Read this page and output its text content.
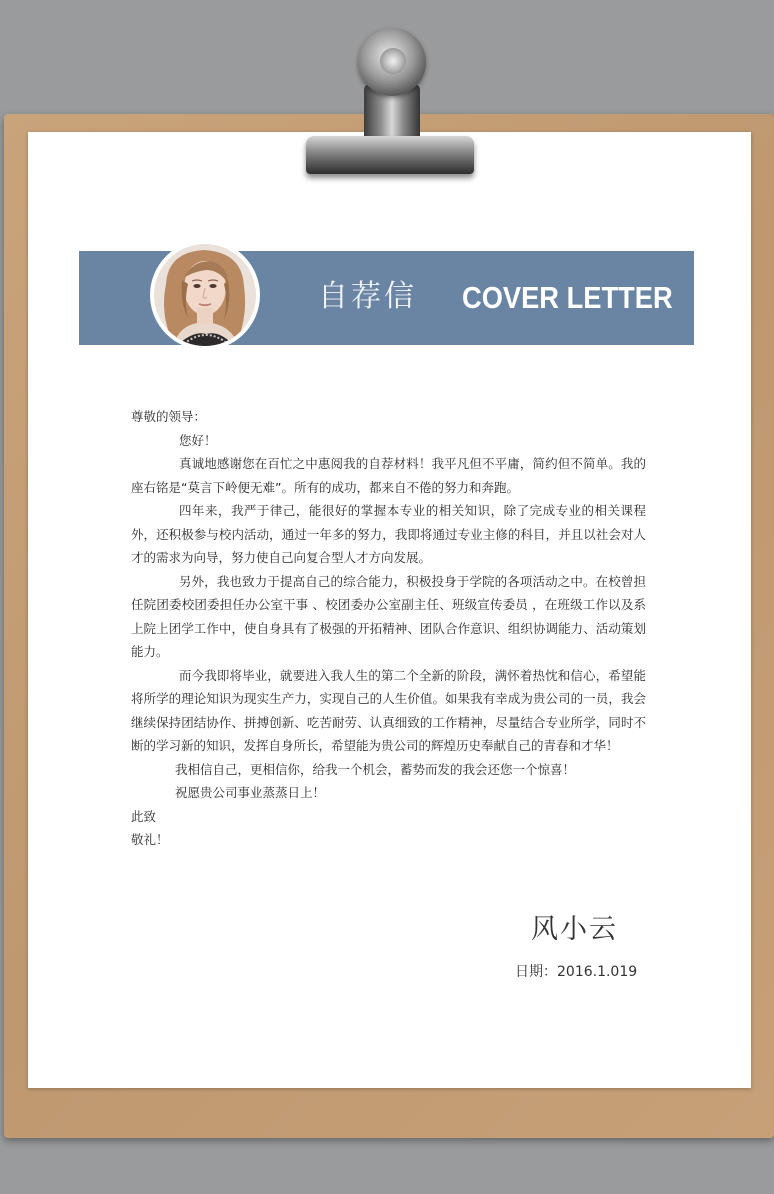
自荐信 COVER LETTER
尊敬的领导：
您好！

真诚地感谢您在百忙之中惠阅我的自荐材料！我平凡但不平庸，简约但不简单。我的座右铭是“莫言下岭便无难”。所有的成功，都来自不倦的努力和奔跑。

四年来，我严于律己，能很好的掌握本专业的相关知识，除了完成专业的相关课程外，还积极参与校内活动，通过一年多的努力，我即将通过专业主修的科目，并且以社会对人才的需求为向导，努力使自己向复合型人才方向发展。

另外，我也致力于提高自己的综合能力，积极投身于学院的各项活动之中。在校曾担任院团委校团委担任办公室干事 、校团委办公室副主任、班级宣传委员 ，在班级工作以及系上院上团学工作中，使自身具有了极强的开拓精神、团队合作意识、组织协调能力、活动策划能力。

而今我即将毕业，就要进入我人生的第二个全新的阶段，满怀着热忱和信心，希望能将所学的理论知识为现实生产力，实现自己的人生价值。如果我有幸成为贵公司的一员，我会继续保持团结协作、拼搏创新、吃苦耐劳、认真细致的工作精神，尽量结合专业所学，同时不断的学习新的知识，发挥自身所长，希望能为贵公司的辉煌历史奉献自己的青春和才华！

我相信自己，更相信你，给我一个机会，蓄势而发的我会还您一个惊喜！
祝愿贵公司事业蒸蒸日上！
此致
敬礼！
风小云
日期：2016.1.019
